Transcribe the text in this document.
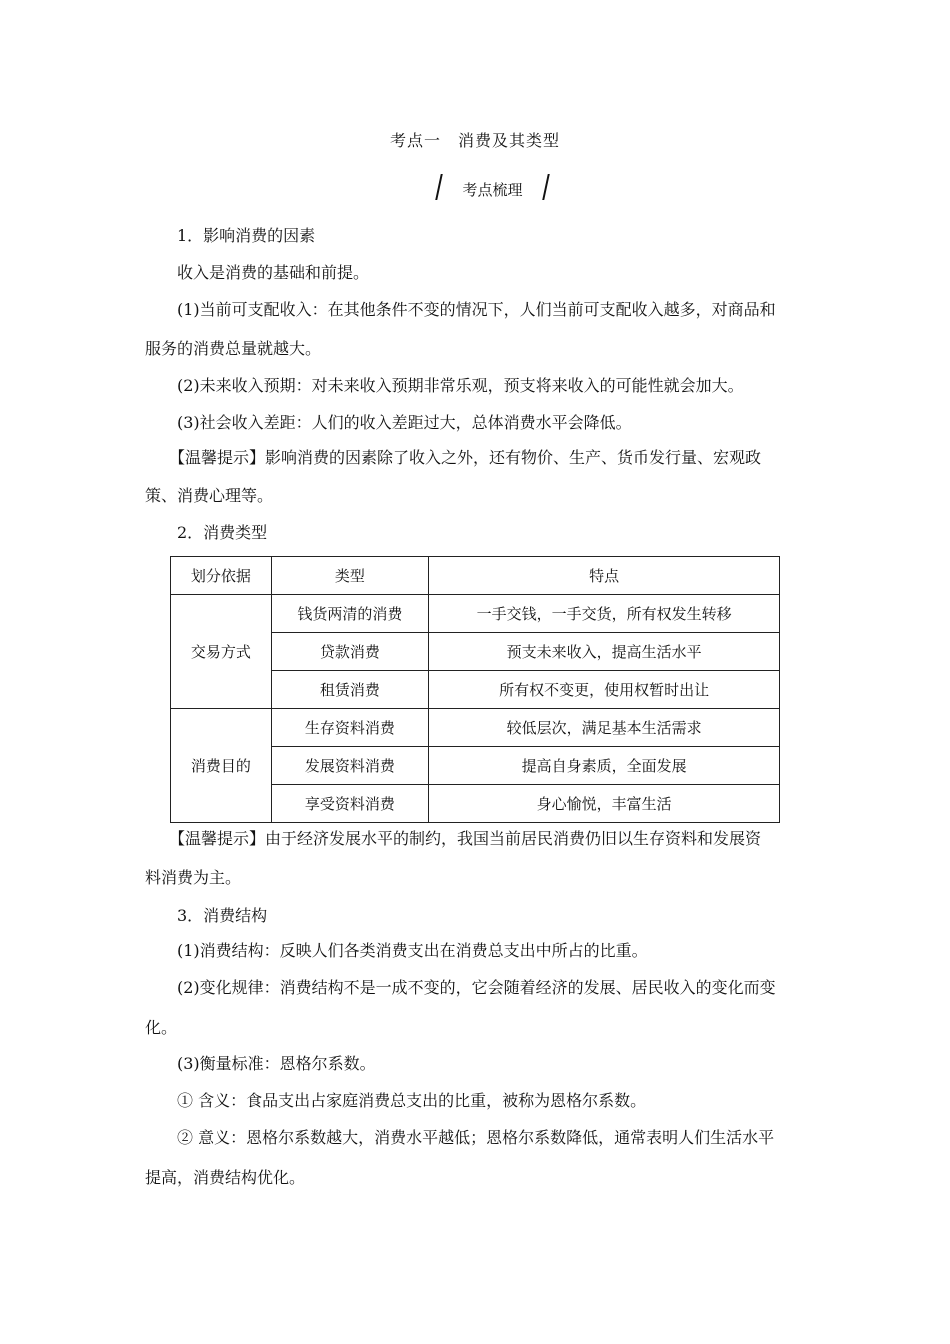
考点一　消费及其类型
考点梳理
1．影响消费的因素
收入是消费的基础和前提。
(1)当前可支配收入：在其他条件不变的情况下，人们当前可支配收入越多，对商品和
服务的消费总量就越大。
(2)未来收入预期：对未来收入预期非常乐观，预支将来收入的可能性就会加大。
(3)社会收入差距：人们的收入差距过大，总体消费水平会降低。
【温馨提示】影响消费的因素除了收入之外，还有物价、生产、货币发行量、宏观政
策、消费心理等。
2．消费类型
【温馨提示】由于经济发展水平的制约，我国当前居民消费仍旧以生存资料和发展资
料消费为主。
3．消费结构
(1)消费结构：反映人们各类消费支出在消费总支出中所占的比重。
(2)变化规律：消费结构不是一成不变的，它会随着经济的发展、居民收入的变化而变
化。
(3)衡量标准：恩格尔系数。
① 含义：食品支出占家庭消费总支出的比重，被称为恩格尔系数。
② 意义：恩格尔系数越大，消费水平越低；恩格尔系数降低，通常表明人们生活水平
提高，消费结构优化。
划分依据	类型	特点
交易方式	钱货两清的消费	一手交钱，一手交货，所有权发生转移
	贷款消费	预支未来收入，提高生活水平
	租赁消费	所有权不变更，使用权暂时出让
消费目的	生存资料消费	较低层次，满足基本生活需求
	发展资料消费	提高自身素质，全面发展
	享受资料消费	身心愉悦，丰富生活
